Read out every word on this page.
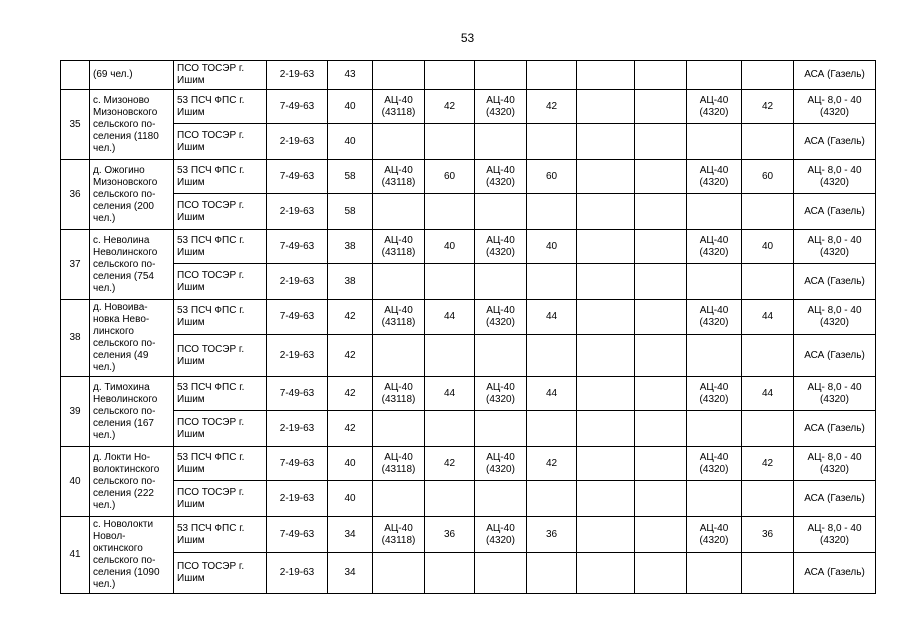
53
	(69 чел.)	ПСО ТОСЭР г. Ишим	2-19-63	43									АСА (Газель)
35	с. Мизоново Мизоновского сельского по-селения (1180 чел.)	53 ПСЧ ФПС г. Ишим	7-49-63	40	АЦ-40 (43118)	42	АЦ-40 (4320)	42			АЦ-40 (4320)	42	АЦ- 8,0 - 40 (4320)
		ПСО ТОСЭР г. Ишим	2-19-63	40									АСА (Газель)
36	д. Ожогино Мизоновского сельского по-селения (200 чел.)	53 ПСЧ ФПС г. Ишим	7-49-63	58	АЦ-40 (43118)	60	АЦ-40 (4320)	60			АЦ-40 (4320)	60	АЦ- 8,0 - 40 (4320)
		ПСО ТОСЭР г. Ишим	2-19-63	58									АСА (Газель)
37	с. Неволина Неволинского сельского по-селения (754 чел.)	53 ПСЧ ФПС г. Ишим	7-49-63	38	АЦ-40 (43118)	40	АЦ-40 (4320)	40			АЦ-40 (4320)	40	АЦ- 8,0 - 40 (4320)
		ПСО ТОСЭР г. Ишим	2-19-63	38									АСА (Газель)
38	д. Новоива-новка Нево-линского сельского по-селения (49 чел.)	53 ПСЧ ФПС г. Ишим	7-49-63	42	АЦ-40 (43118)	44	АЦ-40 (4320)	44			АЦ-40 (4320)	44	АЦ- 8,0 - 40 (4320)
		ПСО ТОСЭР г. Ишим	2-19-63	42									АСА (Газель)
39	д. Тимохина Неволинского сельского по-селения (167 чел.)	53 ПСЧ ФПС г. Ишим	7-49-63	42	АЦ-40 (43118)	44	АЦ-40 (4320)	44			АЦ-40 (4320)	44	АЦ- 8,0 - 40 (4320)
		ПСО ТОСЭР г. Ишим	2-19-63	42									АСА (Газель)
40	д. Локти Но-волоктинского сельского по-селения (222 чел.)	53 ПСЧ ФПС г. Ишим	7-49-63	40	АЦ-40 (43118)	42	АЦ-40 (4320)	42			АЦ-40 (4320)	42	АЦ- 8,0 - 40 (4320)
		ПСО ТОСЭР г. Ишим	2-19-63	40									АСА (Газель)
41	с. Новолокти Новол-октинского сельского по-селения (1090 чел.)	53 ПСЧ ФПС г. Ишим	7-49-63	34	АЦ-40 (43118)	36	АЦ-40 (4320)	36			АЦ-40 (4320)	36	АЦ- 8,0 - 40 (4320)
		ПСО ТОСЭР г. Ишим	2-19-63	34									АСА (Газель)
